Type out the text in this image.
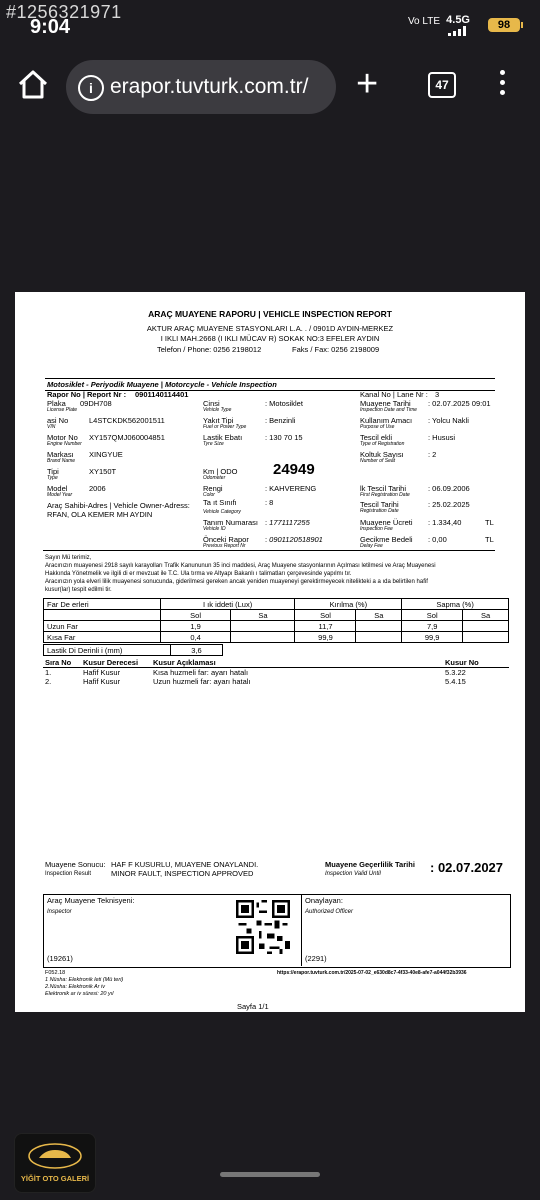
#1256321971
9:04	Vo LTE 4.5G	98
i erapor.tuvturk.com.tr/ +	47
ARAÇ MUAYENE RAPORU | VEHICLE INSPECTION REPORT
AKTUR ARAÇ MUAYENE STASYONLARI L.A. . / 0901D AYDIN-MERKEZ
I IKLI MAH.2668 (I IKLI MÜCAV R) SOKAK NO:3 EFELER AYDIN
Telefon / Phone: 0256 2198012	Faks / Fax: 0256 2198009
Motosiklet - Periyodik Muayene | Motorcycle - Vehicle Inspection
Rapor No | Report Nr : 0901140114401	Kanal No | Lane Nr : 3
Plaka
License Plate
09DH708
asi No
VIN
L4STCKDK562001511
Motor No
Engine Number
XY157QMJ060004851
Markası
Brand Name
XINGYUE
Tipi
Type
XY150T
Model
Model Year
2006
Araç Sahibi-Adres | Vehicle Owner-Adress:
RFAN, OLA KEMER MH AYDIN
Cinsi
Vehicle Type
: Motosiklet
Yakıt Tipi
Fuel or Power Type
: Benzinli
Lastik Ebatı
Tyre Size
: 130 70 15
Km | ODO
Odometer	24949
Rengi
Color
: KAHVERENG
Ta ıt Sınıfı
Vehicle Category
: 8
Tanım Numarası
Vehicle ID
: 1771117255
Önceki Rapor
Previous Report Nr
: 0901120518901
Muayene Tarihi
Inspection Date and Time
: 02.07.2025 09:01
Kullanım Amacı
Purpose of Use
: Yolcu Nakli
Tescil ekli
Type of Registration
: Hususi
Koltuk Sayısı
Number of Seat
: 2
lk Tescil Tarihi
First Registration Date
: 06.09.2006
Tescil Tarihi
Registration Date
: 25.02.2025
Muayene Ücreti
Inspection Fee
: 1.334,40	TL
Gecikme Bedeli
Delay Fee
: 0,00	TL
Sayın Mü terimiz,
Aracınızın muayenesi 2918 sayılı karayolları Trafik Kanununun 35 inci maddesi, Araç Muayene stasyonlarının Açılması letilmesi ve Araç Muayenesi
Hakkında Yönetmelik ve ilgili di er mevzuat ile T.C. Ula tırma ve Altyapı Bakanlı ı talimatları çerçevesinde yapılmı tır.
Aracınızın yola elveri lilik muayenesi sonucunda, giderilmesi gereken ancak yeniden muayeneyi gerektirmeyecek nitelikteki a a ıda belirtilen hafif
kusur(lar) tespit edilmi tir.
Far De erleri	I ık iddeti (Lux)		Kırılma (%)		Sapma (%)	
	Sol	Sa	Sol	Sa	Sol	Sa
Uzun Far	1,9		11,7		7,9	
Kısa Far	0,4		99,9		99,9	
Lastik Di Derinli i (mm)	3,6
Sıra No Kusur Derecesi Kusur Açıklaması	Kusur No
1.	Hafif Kusur	Kısa huzmeli far: ayarı hatalı	5.3.22
2.	Hafif Kusur	Uzun huzmeli far: ayarı hatalı	5.4.15
Muayene Sonucu: HAF F KUSURLU, MUAYENE ONAYLANDI.
Inspection Result	MINOR FAULT, INSPECTION APPROVED
Muayene Geçerlilik Tarihi
Inspection Valid Until	: 02.07.2027
Araç Muayene Teknisyeni:
Inspector
(19261)
Onaylayan:
Authorized Officer
(2291)
F052.18
1 Nüsha: Elektronik leti (Mü teri)
2.Nüsha: Elektronik Ar iv
Elektronik ar iv süresi: 20 yıl
https://erapor.tuvturk.com.tr/2025-07-02_e630d8c7-4f33-40e8-afe7-a044f32b3936
Sayfa 1/1
YİĞİT OTO GALERİ
